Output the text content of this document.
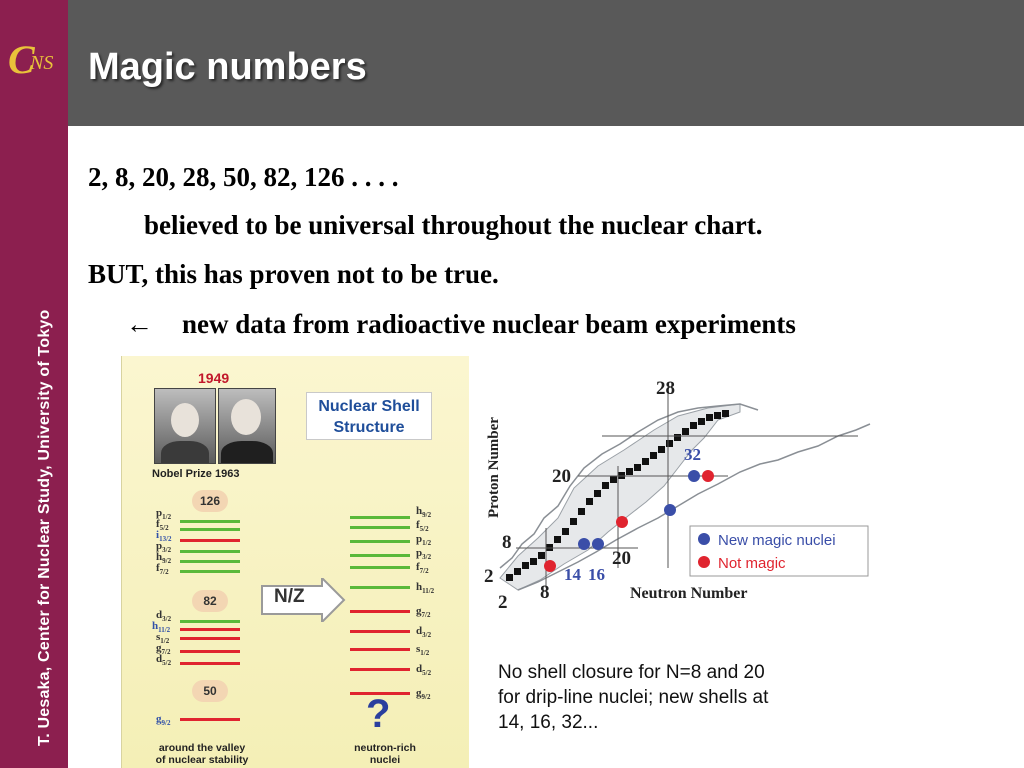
C
NS
T. Uesaka, Center for Nuclear Study, University of Tokyo
Magic numbers
2, 8, 20, 28, 50, 82, 126 . . . .
believed to be universal throughout the nuclear chart.
BUT, this has proven not to be true.
← new data from radioactive nuclear beam experiments
1949
Nuclear Shell
Structure
Nobel Prize 1963
126
82
50
$p_{1/2}$
$f_{5/2}$
$i_{13/2}$
$p_{3/2}$
$h_{9/2}$
$f_{7/2}$
$d_{3/2}$
$h_{11/2}$
$s_{1/2}$
$g_{7/2}$
$d_{5/2}$
$g_{9/2}$
N/Z
$h_{9/2}$
$f_{5/2}$
$p_{1/2}$
$p_{3/2}$
$f_{7/2}$
$h_{11/2}$
$g_{7/2}$
$d_{3/2}$
$s_{1/2}$
$d_{5/2}$
$g_{9/2}$
?
around the valley
of nuclear stability
neutron-rich
nuclei
Proton Number
Neutron Number
28
20
8
2
2 8
20
14 16
32
New magic nuclei
Not magic
No shell closure for N=8 and 20
for drip-line nuclei; new shells at
14, 16, 32...
